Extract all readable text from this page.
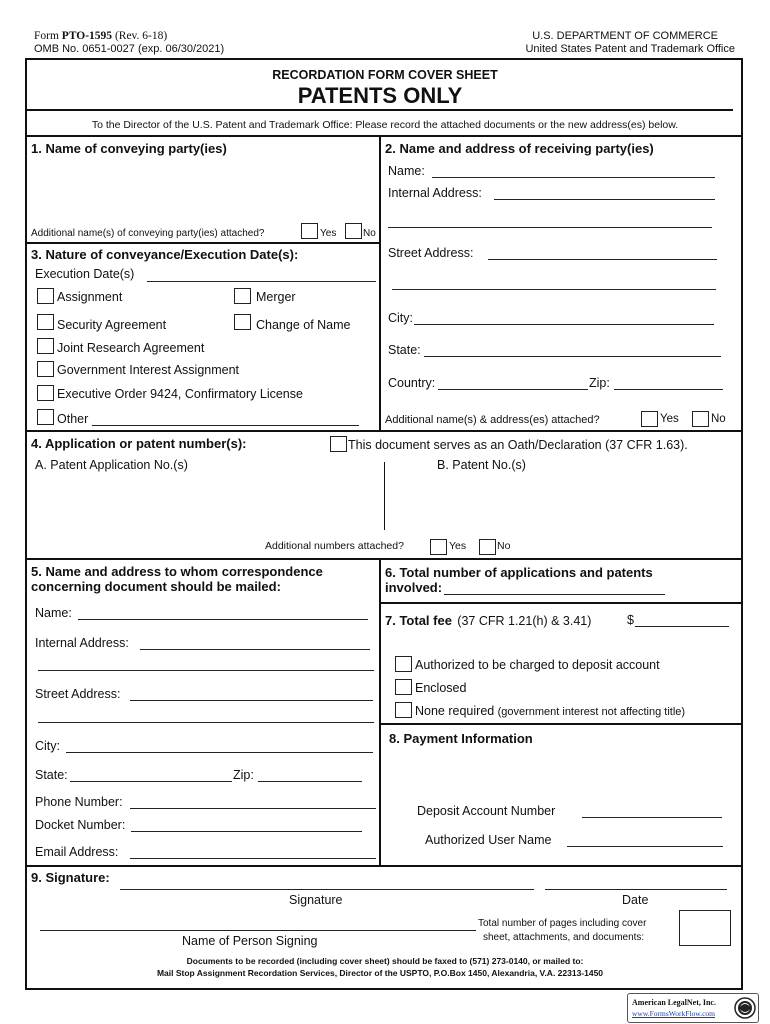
Form PTO-1595 (Rev. 6-18)
OMB No. 0651-0027 (exp. 06/30/2021)
U.S. DEPARTMENT OF COMMERCE
United States Patent and Trademark Office
RECORDATION FORM COVER SHEET
PATENTS ONLY
To the Director of the U.S. Patent and Trademark Office: Please record the attached documents or the new address(es) below.
1. Name of conveying party(ies)
Additional name(s) of conveying party(ies) attached?	Yes	No
3. Nature of conveyance/Execution Date(s):
Execution Date(s)
Assignment	Merger
Security Agreement	Change of Name
Joint Research Agreement
Government Interest Assignment
Executive Order 9424, Confirmatory License
Other
2. Name and address of receiving party(ies)
Name:
Internal Address:
Street Address:
City:
State:
Country:	Zip:
Additional name(s) & address(es) attached?	Yes	No
4. Application or patent number(s):	This document serves as an Oath/Declaration (37 CFR 1.63).
A. Patent Application No.(s)	B. Patent No.(s)
Additional numbers attached?	Yes	No
5. Name and address to whom correspondence
concerning document should be mailed:
Name:
Internal Address:
Street Address:
City:
State:	Zip:
Phone Number:
Docket Number:
Email Address:
6. Total number of applications and patents
involved:
7. Total fee (37 CFR 1.21(h) & 3.41)	$
Authorized to be charged to deposit account
Enclosed
None required (government interest not affecting title)
8. Payment Information
Deposit Account Number
Authorized User Name
9. Signature:
Signature	Date
Name of Person Signing
Total number of pages including cover
sheet, attachments, and documents:
Documents to be recorded (including cover sheet) should be faxed to (571) 273-0140, or mailed to:
Mail Stop Assignment Recordation Services, Director of the USPTO, P.O.Box 1450, Alexandria, V.A. 22313-1450
American LegalNet, Inc.
www.FormsWorkFlow.com
